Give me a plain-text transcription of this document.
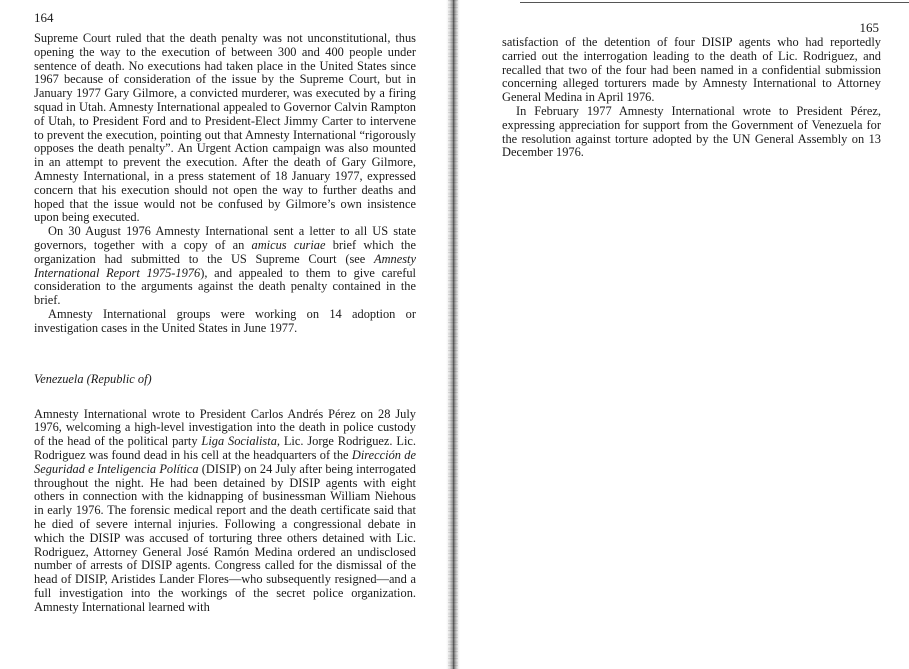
164

Supreme Court ruled that the death penalty was not unconstitutional, thus opening the way to the execution of between 300 and 400 people under sentence of death. No executions had taken place in the United States since 1967 because of consideration of the issue by the Supreme Court, but in January 1977 Gary Gilmore, a convicted murderer, was executed by a firing squad in Utah. Amnesty International appealed to Governor Calvin Rampton of Utah, to President Ford and to President-Elect Jimmy Carter to intervene to prevent the execution, pointing out that Amnesty International “rigorously opposes the death penalty”. An Urgent Action campaign was also mounted in an attempt to prevent the execution. After the death of Gary Gilmore, Amnesty International, in a press statement of 18 January 1977, expressed concern that his execution should not open the way to further deaths and hoped that the issue would not be confused by Gilmore’s own insistence upon being executed.

On 30 August 1976 Amnesty International sent a letter to all US state governors, together with a copy of an amicus curiae brief which the organization had submitted to the US Supreme Court (see Amnesty International Report 1975-1976), and appealed to them to give careful consideration to the arguments against the death penalty contained in the brief.

Amnesty International groups were working on 14 adoption or investigation cases in the United States in June 1977.

Venezuela (Republic of)

Amnesty International wrote to President Carlos Andrés Pérez on 28 July 1976, welcoming a high-level investigation into the death in police custody of the head of the political party Liga Socialista, Lic. Jorge Rodriguez. Lic. Rodriguez was found dead in his cell at the headquarters of the Dirección de Seguridad e Inteligencia Política (DISIP) on 24 July after being interrogated throughout the night. He had been detained by DISIP agents with eight others in connection with the kidnapping of businessman William Niehous in early 1976. The forensic medical report and the death certificate said that he died of severe internal injuries. Following a congressional debate in which the DISIP was accused of torturing three others detained with Lic. Rodriguez, Attorney General José Ramón Medina ordered an undisclosed number of arrests of DISIP agents. Congress called for the dismissal of the head of DISIP, Aristides Lander Flores—who subsequently resigned—and a full investigation into the workings of the secret police organization. Amnesty International learned with

165

satisfaction of the detention of four DISIP agents who had reportedly carried out the interrogation leading to the death of Lic. Rodriguez, and recalled that two of the four had been named in a confidential submission concerning alleged torturers made by Amnesty International to Attorney General Medina in April 1976.

In February 1977 Amnesty International wrote to President Pérez, expressing appreciation for support from the Government of Venezuela for the resolution against torture adopted by the UN General Assembly on 13 December 1976.
